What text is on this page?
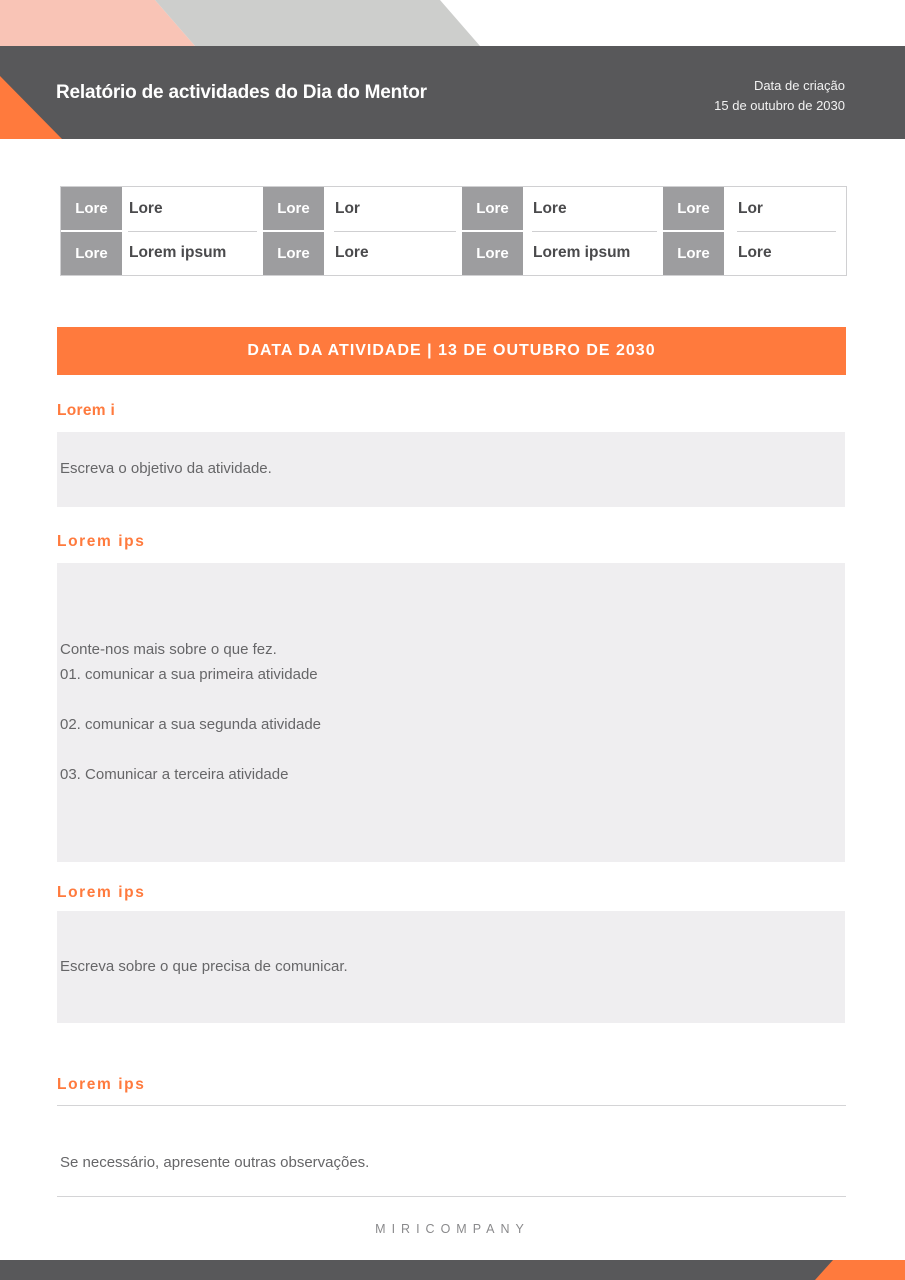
Relatório de actividades do Dia do Mentor	Data de criação
15 de outubro de 2030
Lore
Lore
Lore
Lorem ipsum
Lore
Lore
Lor
Lore
Lore
Lore
Lore
Lorem ipsum
Lore
Lore
Lor
Lore
DATA DA ATIVIDADE | 13 DE OUTUBRO DE 2030
Lorem i
Escreva o objetivo da atividade.
Lorem ips
Conte-nos mais sobre o que fez.
01. comunicar a sua primeira atividade
02. comunicar a sua segunda atividade
03. Comunicar a terceira atividade
Lorem ips
Escreva sobre o que precisa de comunicar.
Lorem ips
Se necessário, apresente outras observações.
MIRICOMPANY
